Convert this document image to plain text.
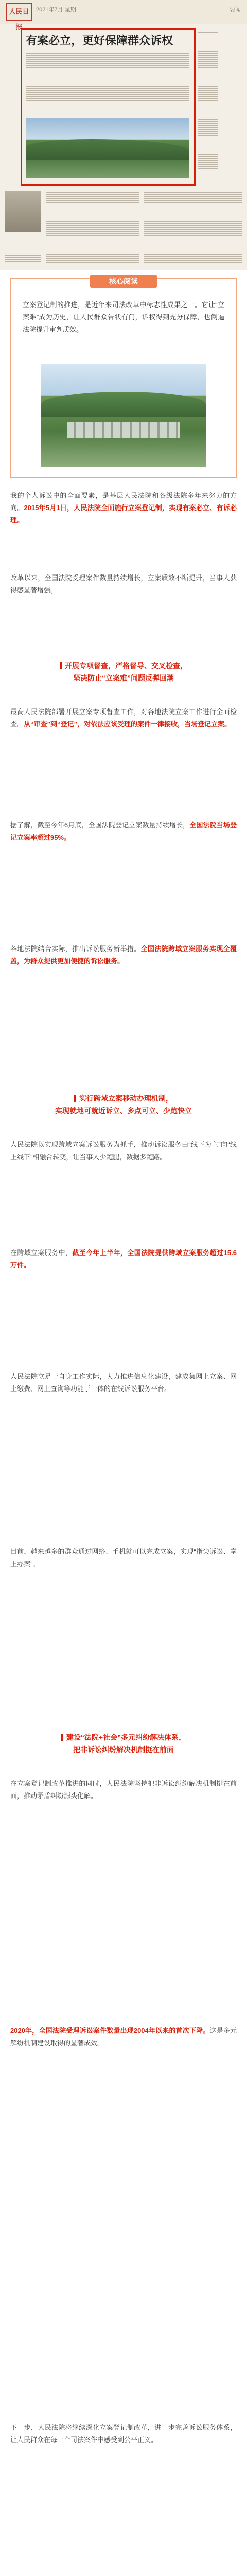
人民日报
2021年7月 星期	要闻
有案必立，更好保障群众诉权
核心阅读
立案登记制的推进，是近年来司法改革中标志性成果之一。它让“立案难”成为历史，让人民群众告状有门，诉权得到充分保障，也倒逼法院提升审判质效。

我的个人诉讼中的全面要素，是基层人民法院和各级法院多年来努力的方向。2015年5月1日，人民法院全面施行立案登记制，实现有案必立、有诉必理。

改革以来，全国法院受理案件数量持续增长，立案质效不断提升，当事人获得感显著增强。

开展专项督查，严格督导、交叉检查，
坚决防止“立案难”问题反弹回潮

最高人民法院部署开展立案专项督查工作，对各地法院立案工作进行全面检查。从“审查”到“登记”，对依法应该受理的案件一律接收，当场登记立案。

据了解，截至今年6月底，全国法院登记立案数量持续增长，全国法院当场登记立案率超过95%。

各地法院结合实际，推出诉讼服务新举措。全国法院跨域立案服务实现全覆盖，为群众提供更加便捷的诉讼服务。

实行跨域立案移动办理机制，
实现就地可就近诉立、多点可立、少跑快立

人民法院以实现跨域立案诉讼服务为抓手，推动诉讼服务由“线下为主”向“线上线下”相融合转变，让当事人少跑腿，数据多跑路。

在跨域立案服务中，截至今年上半年，全国法院提供跨域立案服务超过15.6万件。

人民法院立足于自身工作实际，大力推进信息化建设，建成集网上立案、网上缴费、网上查询等功能于一体的在线诉讼服务平台。

目前，越来越多的群众通过网络、手机就可以完成立案，实现“指尖诉讼、掌上办案”。

建设“法院+社会”多元纠纷解决体系，
把非诉讼纠纷解决机制挺在前面

在立案登记制改革推进的同时，人民法院坚持把非诉讼纠纷解决机制挺在前面，推动矛盾纠纷源头化解。

2020年，全国法院受理诉讼案件数量出现2004年以来的首次下降。这是多元解纷机制建设取得的显著成效。

下一步，人民法院将继续深化立案登记制改革，进一步完善诉讼服务体系，让人民群众在每一个司法案件中感受到公平正义。
